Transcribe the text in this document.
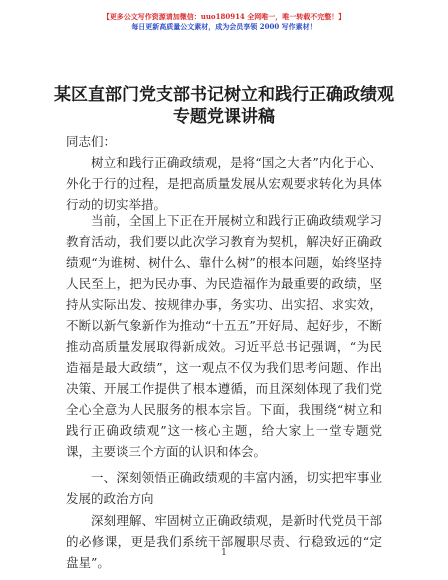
【更多公文写作资源请加微信：uuo180914 全网唯一，唯一转载不完整！】
每日更新高质量公文素材，成为会员享领 2000 写作素材！
某区直部门党支部书记树立和践行正确政绩观
专题党课讲稿
同志们：
树立和践行正确政绩观，是将“国之大者”内化于心、外化于行的过程，是把高质量发展从宏观要求转化为具体行动的切实举措。
当前，全国上下正在开展树立和践行正确政绩观学习教育活动，我们要以此次学习教育为契机，解决好正确政绩观“为谁树、树什么、靠什么树”的根本问题，始终坚持人民至上，把为民办事、为民造福作为最重要的政绩，坚持从实际出发、按规律办事，务实功、出实招、求实效，不断以新气象新作为推动“十五五”开好局、起好步，不断推动高质量发展取得新成效。习近平总书记强调，“为民造福是最大政绩”，这一观点不仅为我们思考问题、作出决策、开展工作提供了根本遵循，而且深刻体现了我们党全心全意为人民服务的根本宗旨。下面，我围绕“树立和践行正确政绩观”这一核心主题，给大家上一堂专题党课，主要谈三个方面的认识和体会。
一、深刻领悟正确政绩观的丰富内涵，切实把牢事业发展的政治方向
深刻理解、牢固树立正确政绩观，是新时代党员干部的必修课，更是我们系统干部履职尽责、行稳致远的“定盘星”。
1
